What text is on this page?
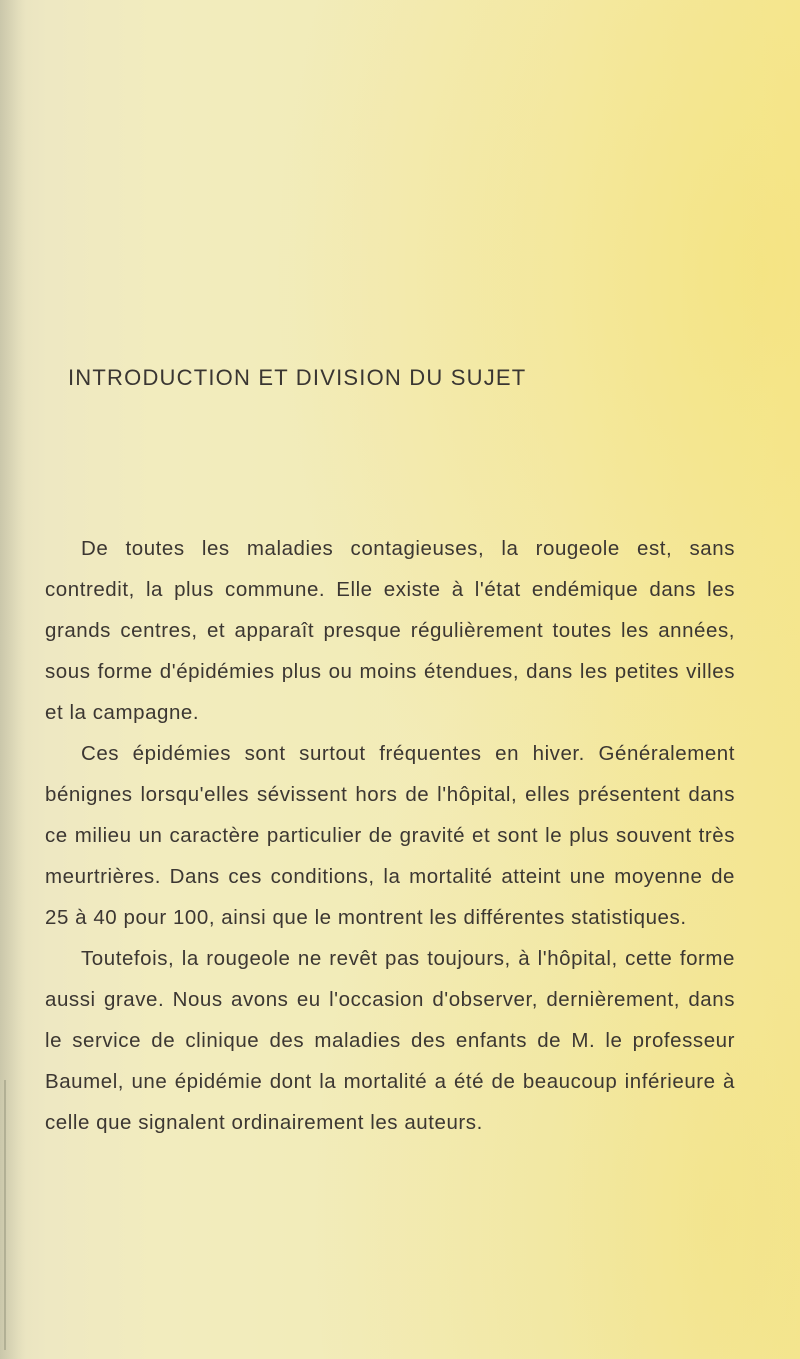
INTRODUCTION ET DIVISION DU SUJET

De toutes les maladies contagieuses, la rougeole est, sans contredit, la plus commune. Elle existe à l'état endémique dans les grands centres, et apparaît presque régulièrement toutes les années, sous forme d'épidémies plus ou moins étendues, dans les petites villes et la campagne.

Ces épidémies sont surtout fréquentes en hiver. Généralement bénignes lorsqu'elles sévissent hors de l'hôpital, elles présentent dans ce milieu un caractère particulier de gravité et sont le plus souvent très meurtrières. Dans ces conditions, la mortalité atteint une moyenne de 25 à 40 pour 100, ainsi que le montrent les différentes statistiques.

Toutefois, la rougeole ne revêt pas toujours, à l'hôpital, cette forme aussi grave. Nous avons eu l'occasion d'observer, dernièrement, dans le service de clinique des maladies des enfants de M. le professeur Baumel, une épidémie dont la mortalité a été de beaucoup inférieure à celle que signalent ordinairement les auteurs.
